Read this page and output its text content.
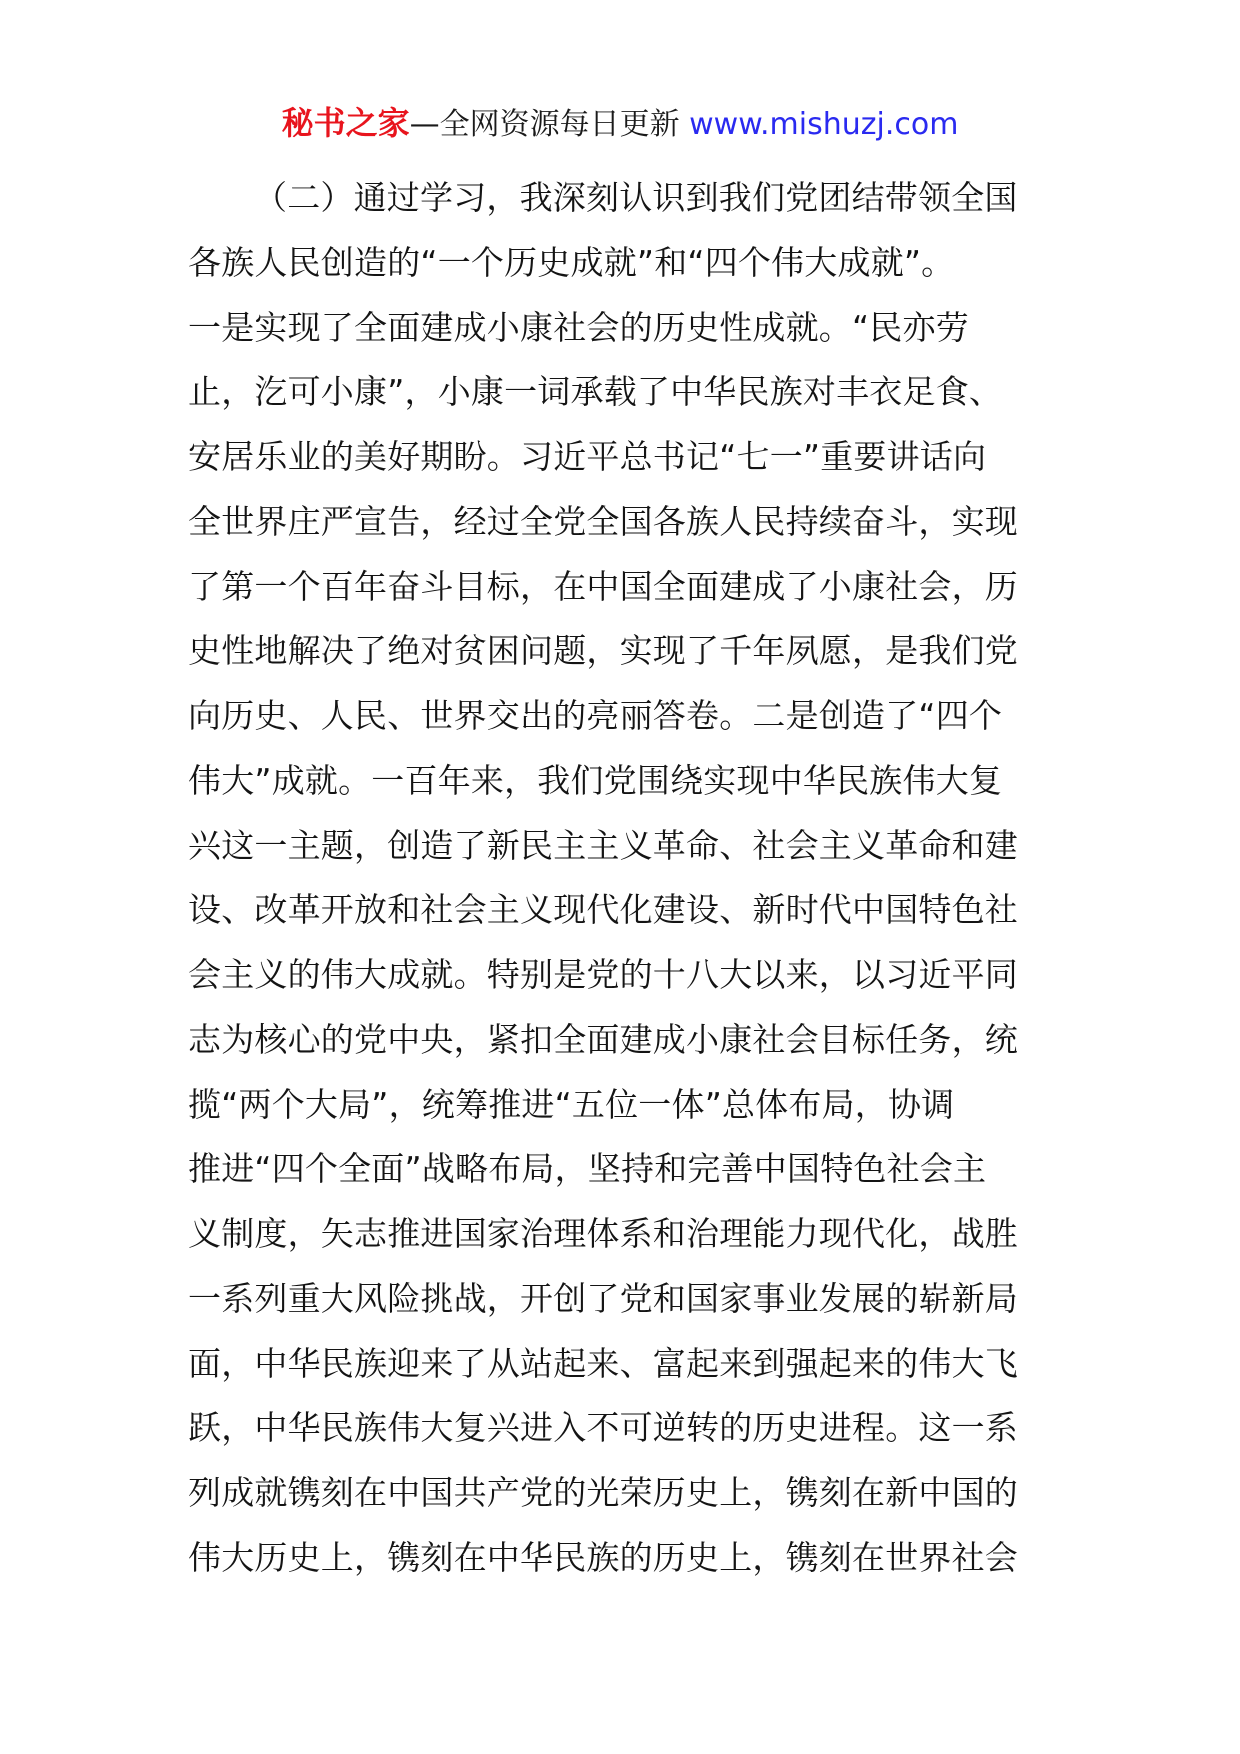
秘书之家—全网资源每日更新 www.mishuzj.com
（二）通过学习，我深刻认识到我们党团结带领全国
各族人民创造的“一个历史成就”和“四个伟大成就”。
一是实现了全面建成小康社会的历史性成就。“民亦劳
止，汔可小康”，小康一词承载了中华民族对丰衣足食、
安居乐业的美好期盼。习近平总书记“七一”重要讲话向
全世界庄严宣告，经过全党全国各族人民持续奋斗，实现
了第一个百年奋斗目标，在中国全面建成了小康社会，历
史性地解决了绝对贫困问题，实现了千年夙愿，是我们党
向历史、人民、世界交出的亮丽答卷。二是创造了“四个
伟大”成就。一百年来，我们党围绕实现中华民族伟大复
兴这一主题，创造了新民主主义革命、社会主义革命和建
设、改革开放和社会主义现代化建设、新时代中国特色社
会主义的伟大成就。特别是党的十八大以来，以习近平同
志为核心的党中央，紧扣全面建成小康社会目标任务，统
揽“两个大局”，统筹推进“五位一体”总体布局，协调
推进“四个全面”战略布局，坚持和完善中国特色社会主
义制度，矢志推进国家治理体系和治理能力现代化，战胜
一系列重大风险挑战，开创了党和国家事业发展的崭新局
面，中华民族迎来了从站起来、富起来到强起来的伟大飞
跃，中华民族伟大复兴进入不可逆转的历史进程。这一系
列成就镌刻在中国共产党的光荣历史上，镌刻在新中国的
伟大历史上，镌刻在中华民族的历史上，镌刻在世界社会
